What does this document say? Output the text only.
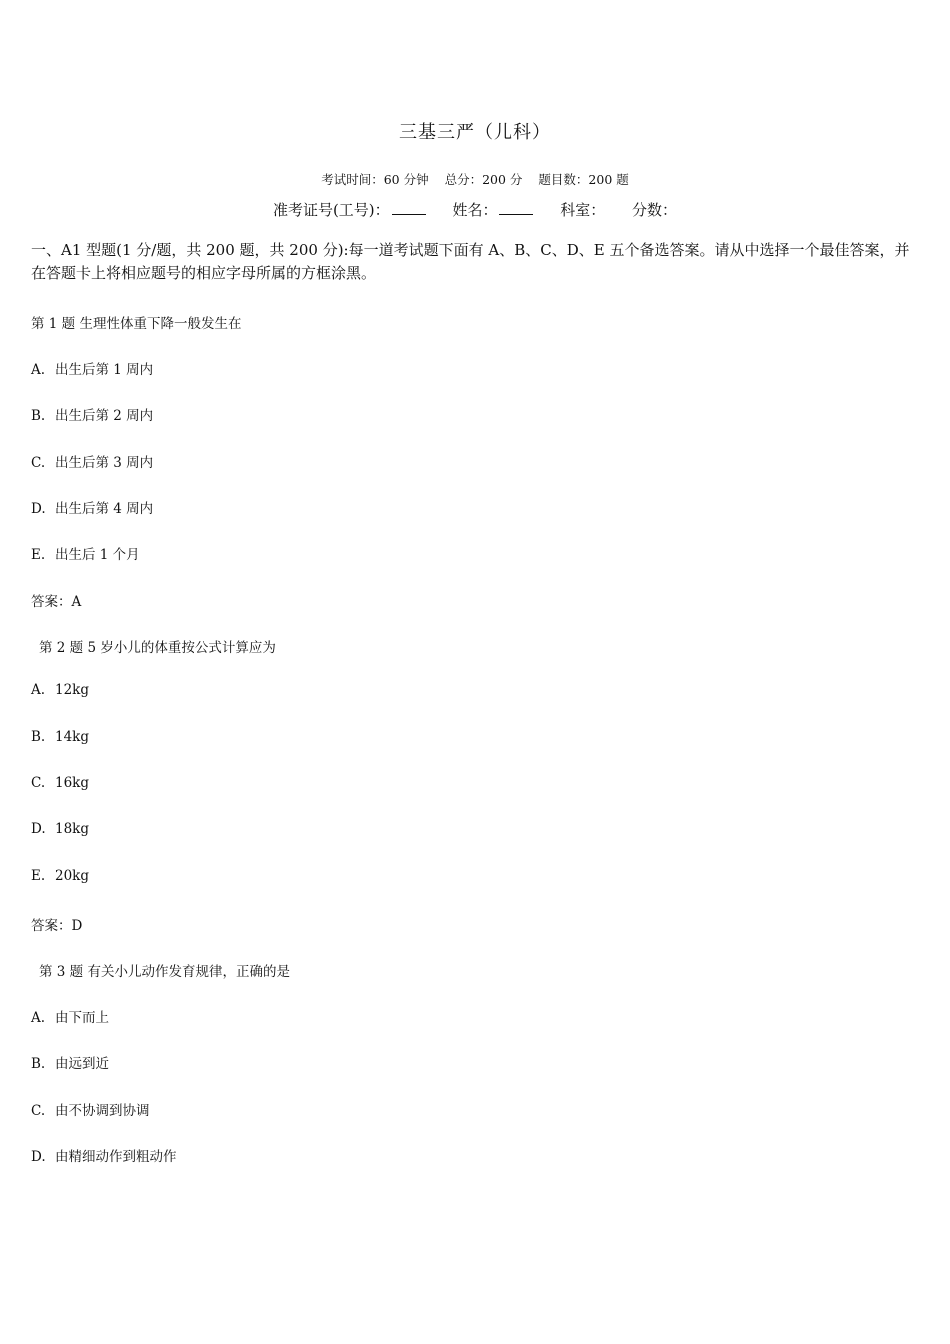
三基三严（儿科）
考试时间：60 分钟 总分：200 分 题目数：200 题
准考证号(工号)：	姓名：	科室： 分数：
一、A1 型题(1 分/题，共 200 题，共 200 分):每一道考试题下面有 A、B、C、D、E 五个备选答案。请从中选择一个最佳答案，并在答题卡上将相应题号的相应字母所属的方框涂黑。
第 1 题 生理性体重下降一般发生在
A. 出生后第 1 周内
B. 出生后第 2 周内
C. 出生后第 3 周内
D. 出生后第 4 周内
E. 出生后 1 个月
答案：A
第 2 题 5 岁小儿的体重按公式计算应为
A. 12kg
B. 14kg
C. 16kg
D. 18kg
E. 20kg
答案：D
第 3 题 有关小儿动作发育规律，正确的是
A. 由下而上
B. 由远到近
C. 由不协调到协调
D. 由精细动作到粗动作
